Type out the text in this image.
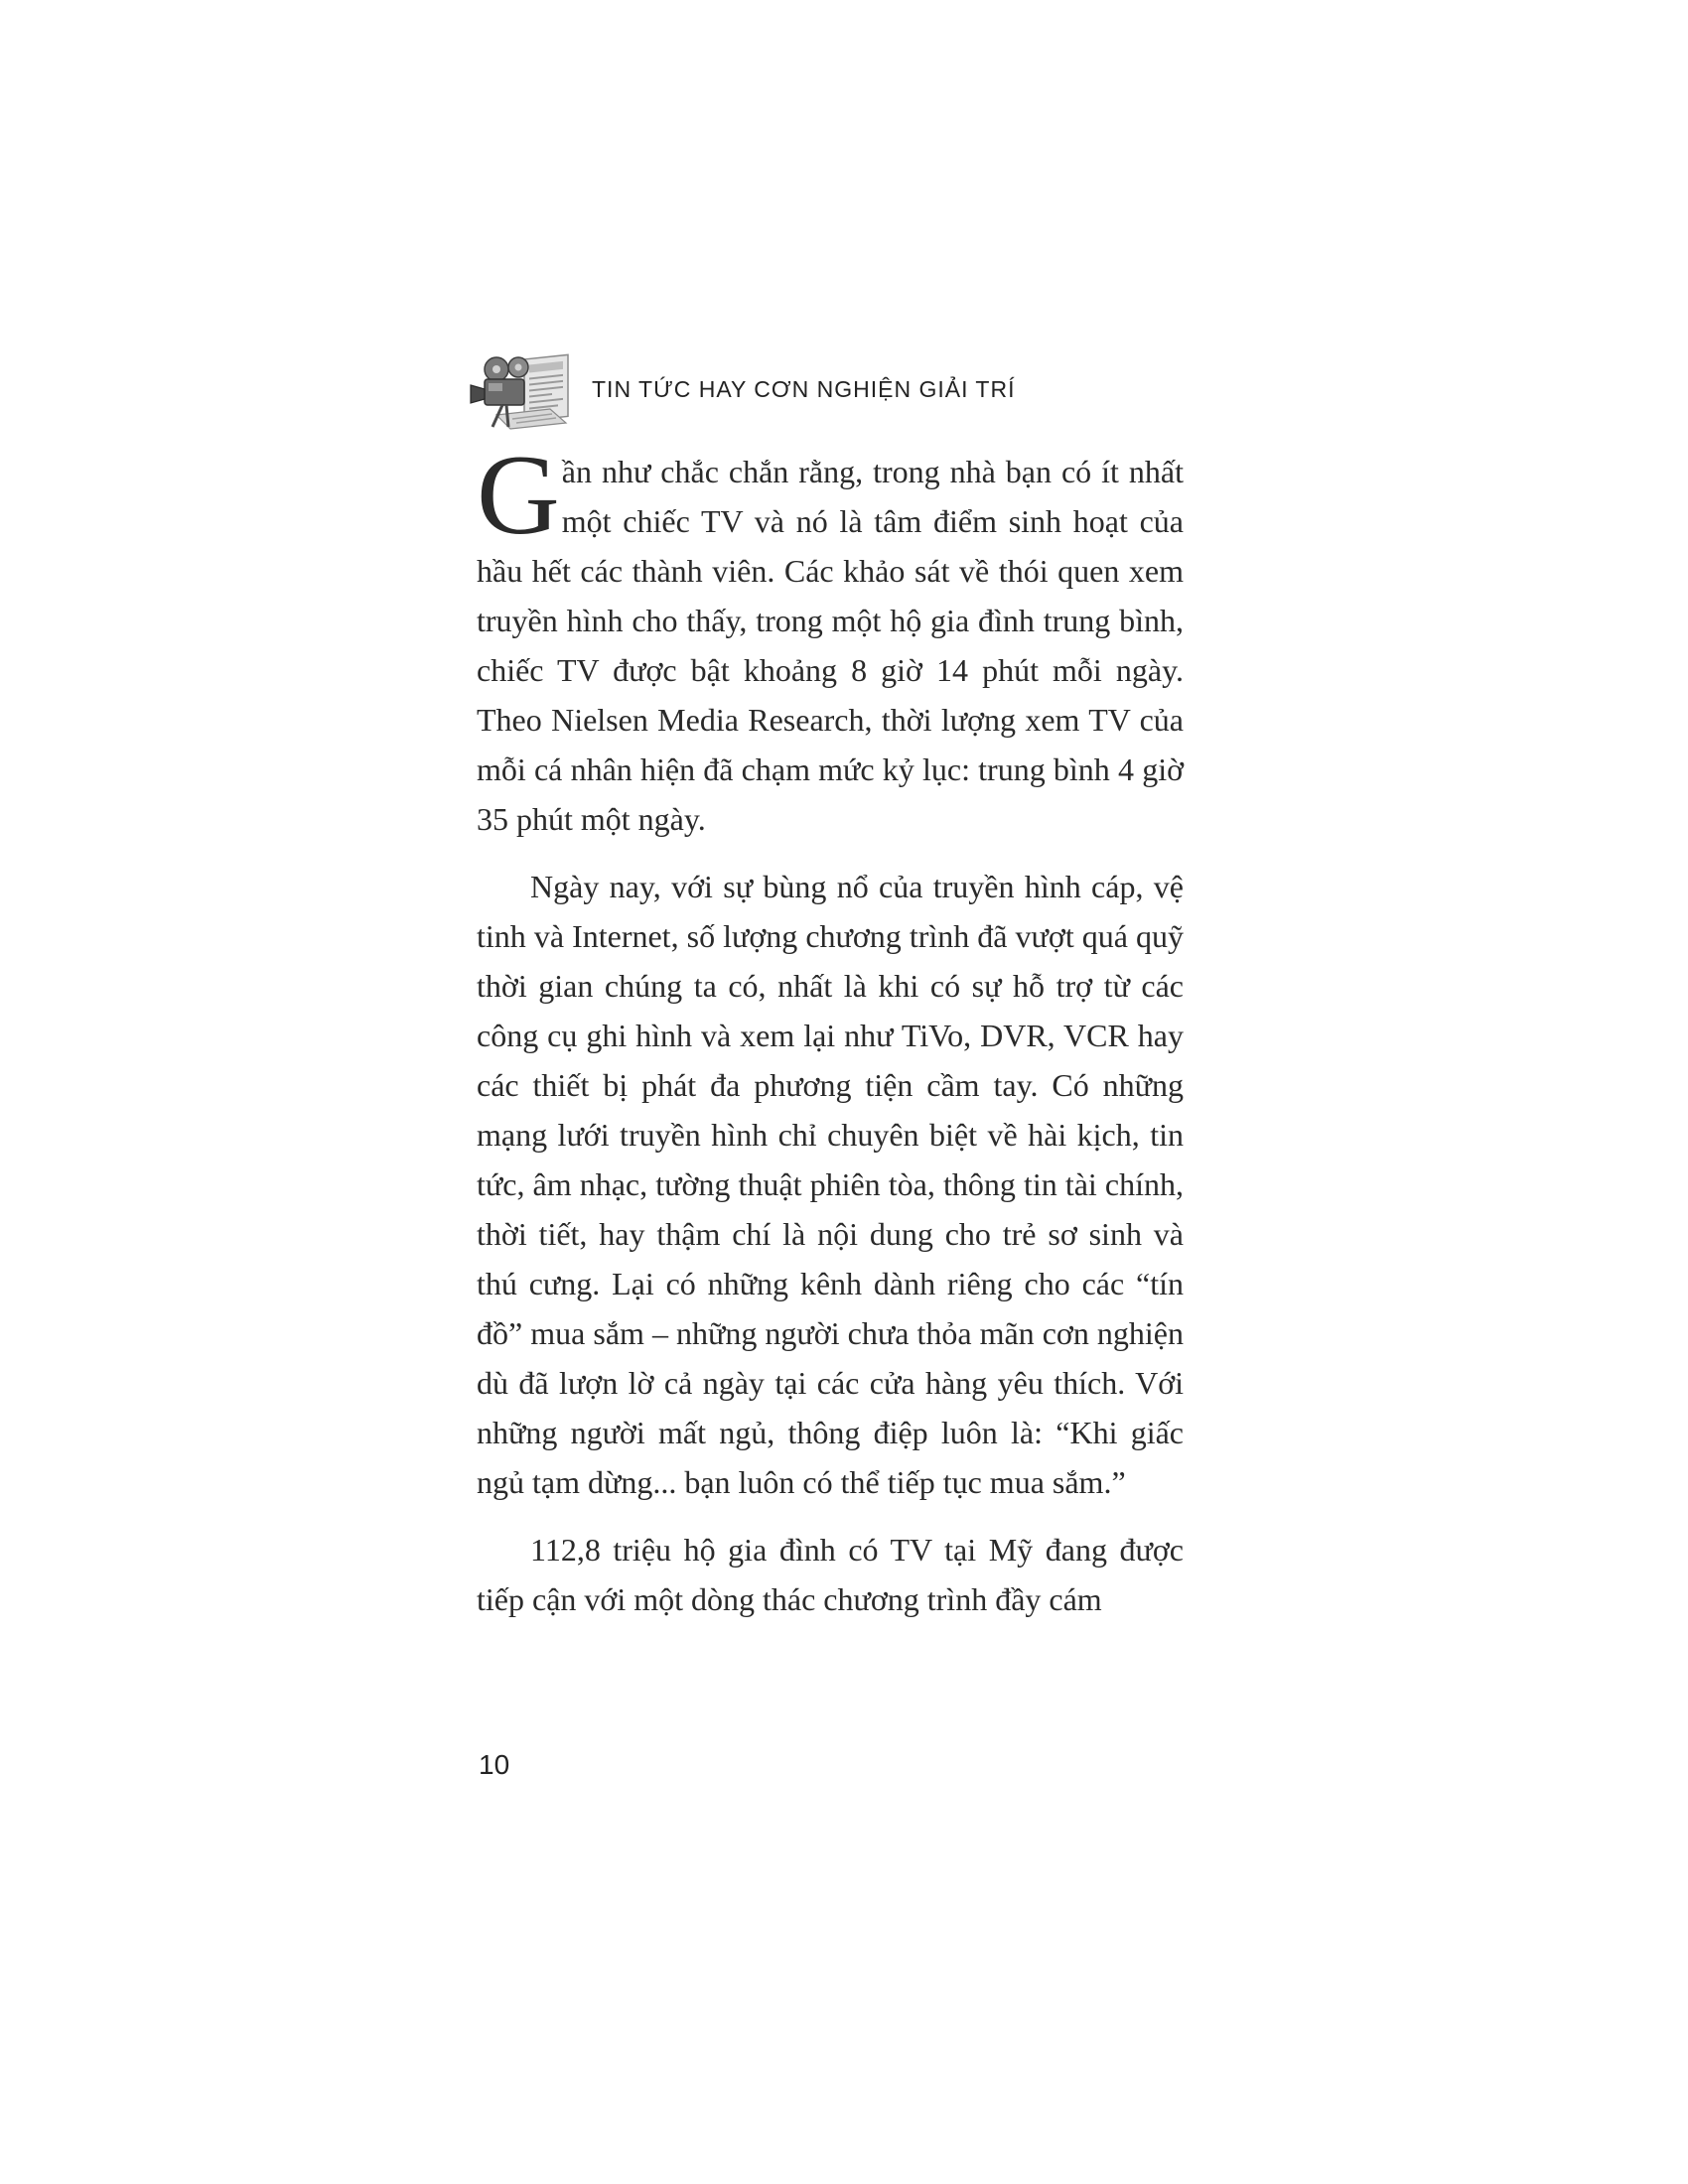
TIN TỨC HAY CƠN NGHIỆN GIẢI TRÍ

Gần như chắc chắn rằng, trong nhà bạn có ít nhất một chiếc TV và nó là tâm điểm sinh hoạt của hầu hết các thành viên. Các khảo sát về thói quen xem truyền hình cho thấy, trong một hộ gia đình trung bình, chiếc TV được bật khoảng 8 giờ 14 phút mỗi ngày. Theo Nielsen Media Research, thời lượng xem TV của mỗi cá nhân hiện đã chạm mức kỷ lục: trung bình 4 giờ 35 phút một ngày.

Ngày nay, với sự bùng nổ của truyền hình cáp, vệ tinh và Internet, số lượng chương trình đã vượt quá quỹ thời gian chúng ta có, nhất là khi có sự hỗ trợ từ các công cụ ghi hình và xem lại như TiVo, DVR, VCR hay các thiết bị phát đa phương tiện cầm tay. Có những mạng lưới truyền hình chỉ chuyên biệt về hài kịch, tin tức, âm nhạc, tường thuật phiên tòa, thông tin tài chính, thời tiết, hay thậm chí là nội dung cho trẻ sơ sinh và thú cưng. Lại có những kênh dành riêng cho các “tín đồ” mua sắm – những người chưa thỏa mãn cơn nghiện dù đã lượn lờ cả ngày tại các cửa hàng yêu thích. Với những người mất ngủ, thông điệp luôn là: “Khi giấc ngủ tạm dừng... bạn luôn có thể tiếp tục mua sắm.”

112,8 triệu hộ gia đình có TV tại Mỹ đang được tiếp cận với một dòng thác chương trình đầy cám

10
